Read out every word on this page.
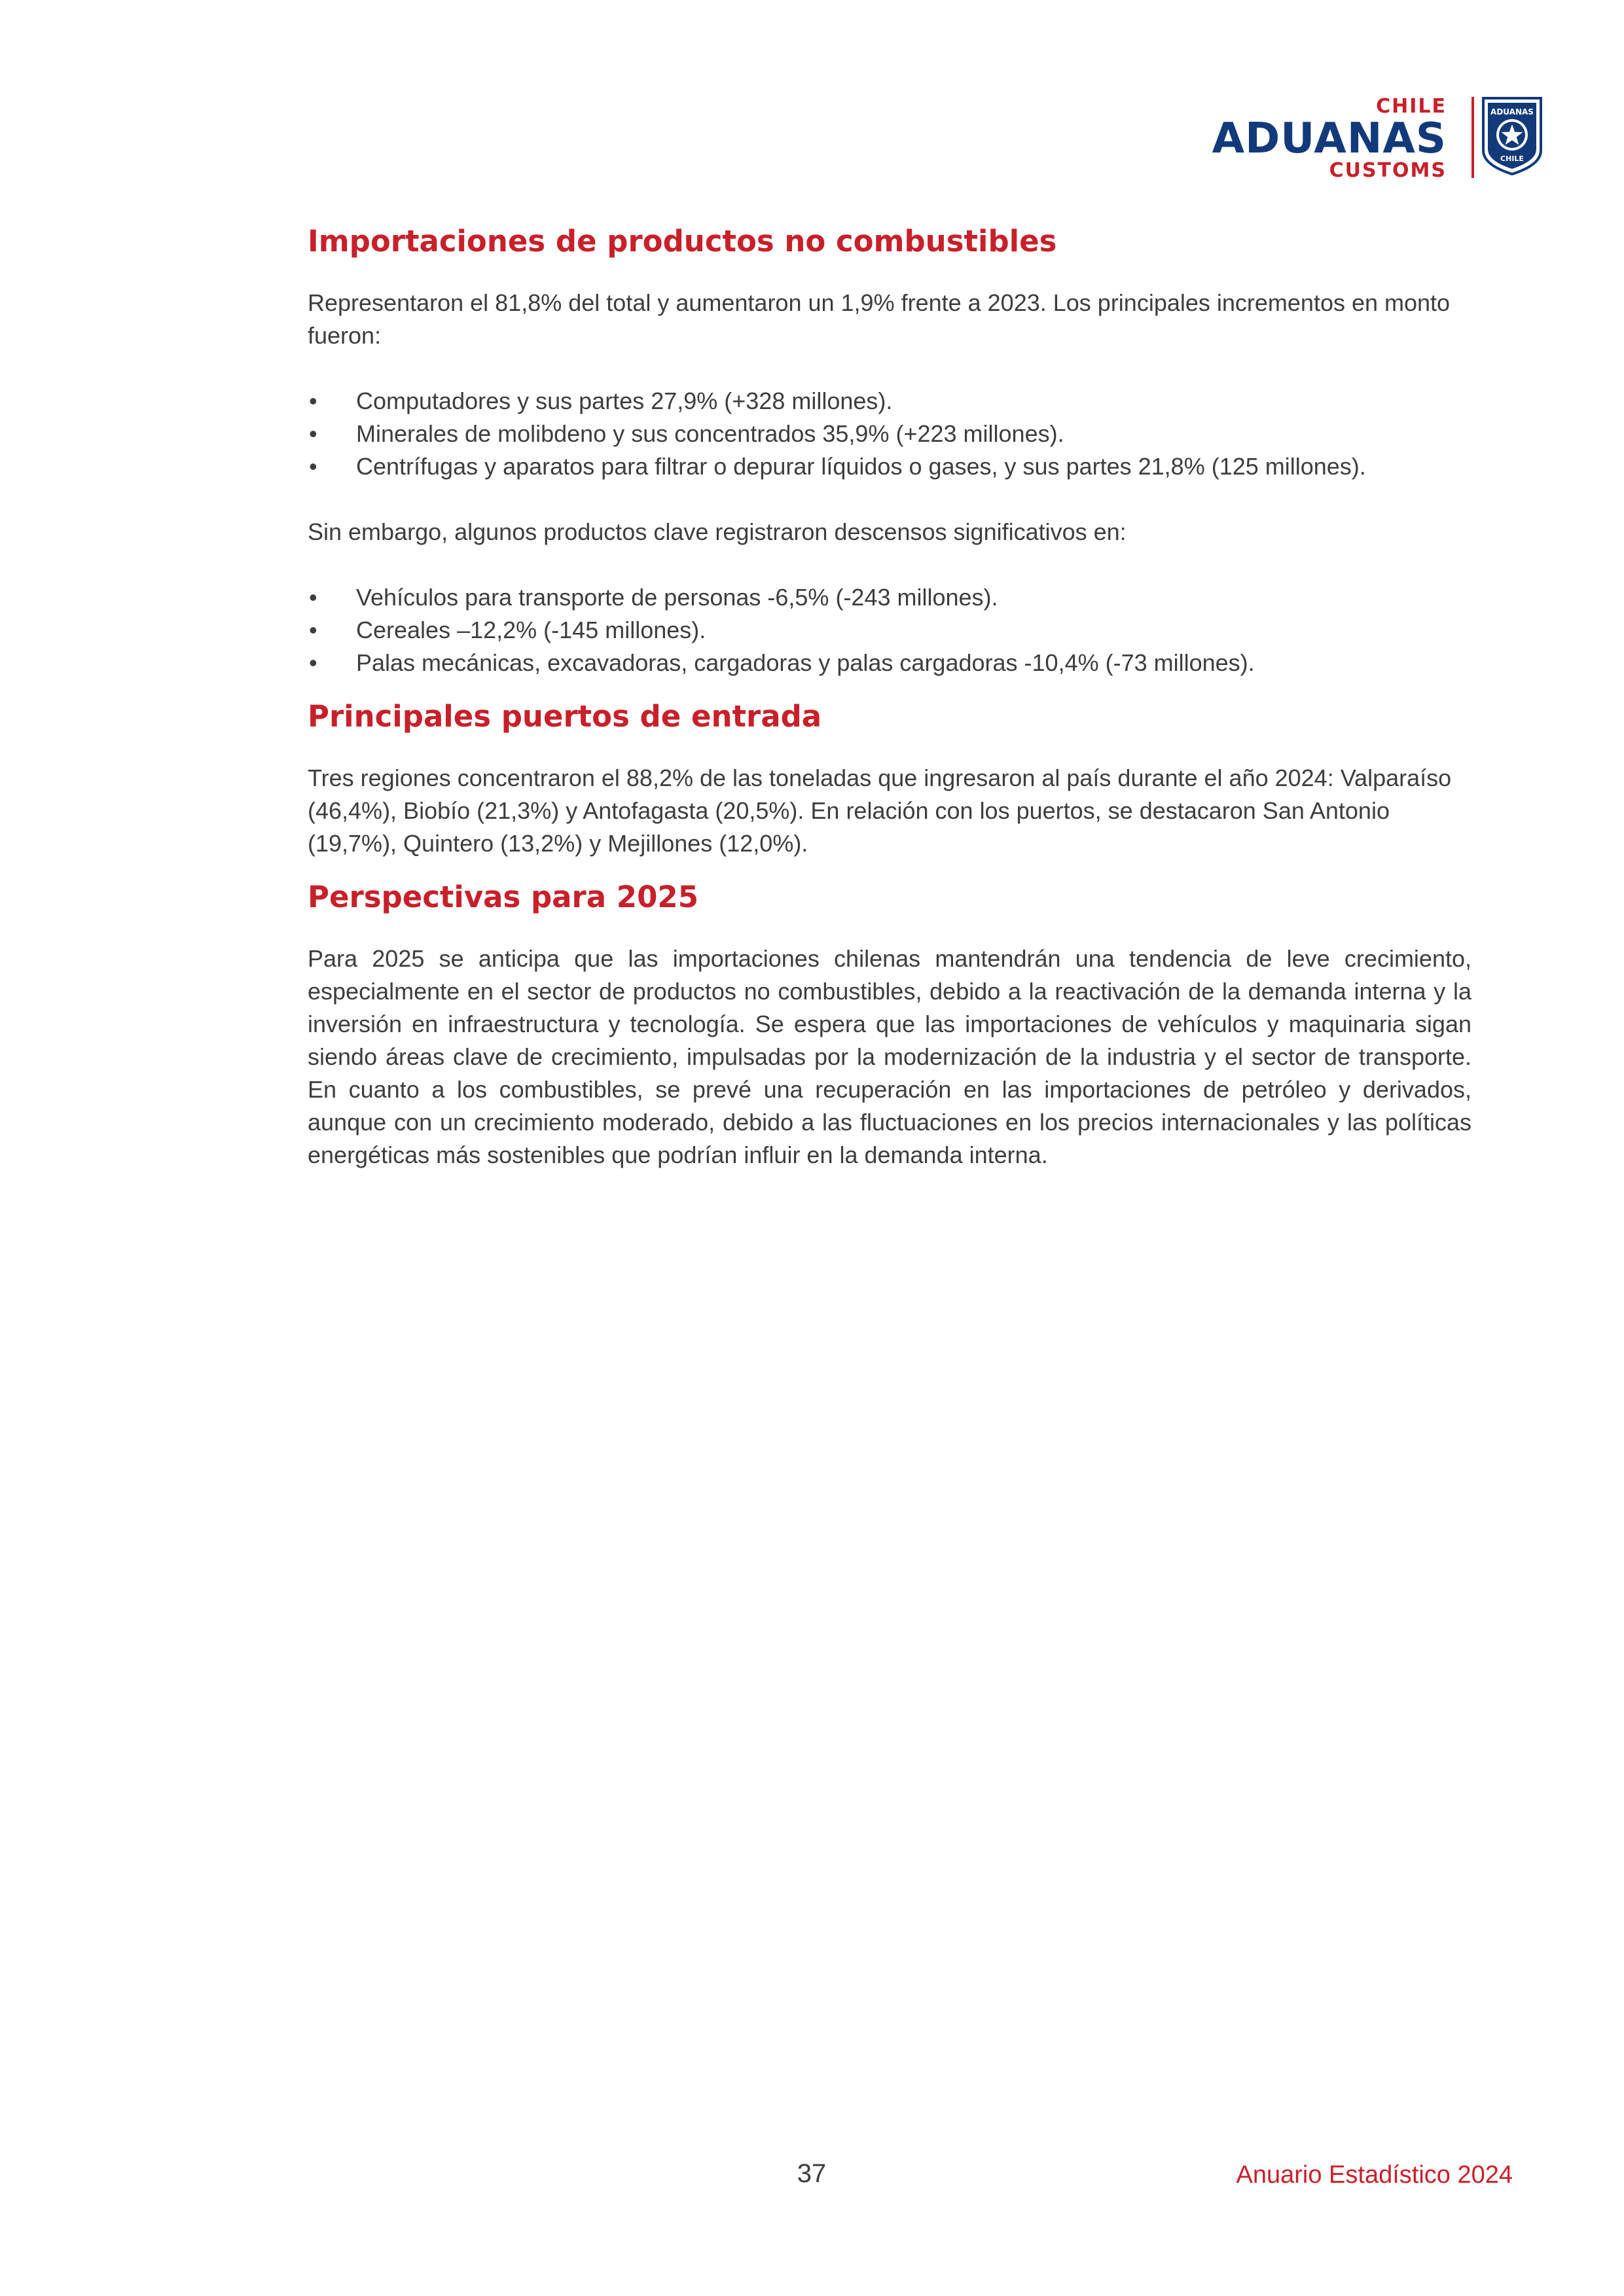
CHILE
ADUANAS
CUSTOMS
ADUANAS
CHILE
Importaciones de productos no combustibles

Representaron el 81,8% del total y aumentaron un 1,9% frente a 2023. Los principales incrementos en monto fueron:

• Computadores y sus partes 27,9% (+328 millones).
• Minerales de molibdeno y sus concentrados 35,9% (+223 millones).
• Centrífugas y aparatos para filtrar o depurar líquidos o gases, y sus partes 21,8% (125 millones).

Sin embargo, algunos productos clave registraron descensos significativos en:

• Vehículos para transporte de personas -6,5% (-243 millones).
• Cereales –12,2% (-145 millones).
• Palas mecánicas, excavadoras, cargadoras y palas cargadoras -10,4% (-73 millones).
Principales puertos de entrada

Tres regiones concentraron el 88,2% de las toneladas que ingresaron al país durante el año 2024: Valparaíso (46,4%), Biobío (21,3%) y Antofagasta (20,5%). En relación con los puertos, se destacaron San Antonio (19,7%), Quintero (13,2%) y Mejillones (12,0%).

Perspectivas para 2025

Para 2025 se anticipa que las importaciones chilenas mantendrán una tendencia de leve crecimiento, especialmente en el sector de productos no combustibles, debido a la reactivación de la demanda interna y la inversión en infraestructura y tecnología. Se espera que las importaciones de vehículos y maquinaria sigan siendo áreas clave de crecimiento, impulsadas por la modernización de la industria y el sector de transporte. En cuanto a los combustibles, se prevé una recuperación en las importaciones de petróleo y derivados, aunque con un crecimiento moderado, debido a las fluctuaciones en los precios internacionales y las políticas energéticas más sostenibles que podrían influir en la demanda interna.

37	Anuario Estadístico 2024
